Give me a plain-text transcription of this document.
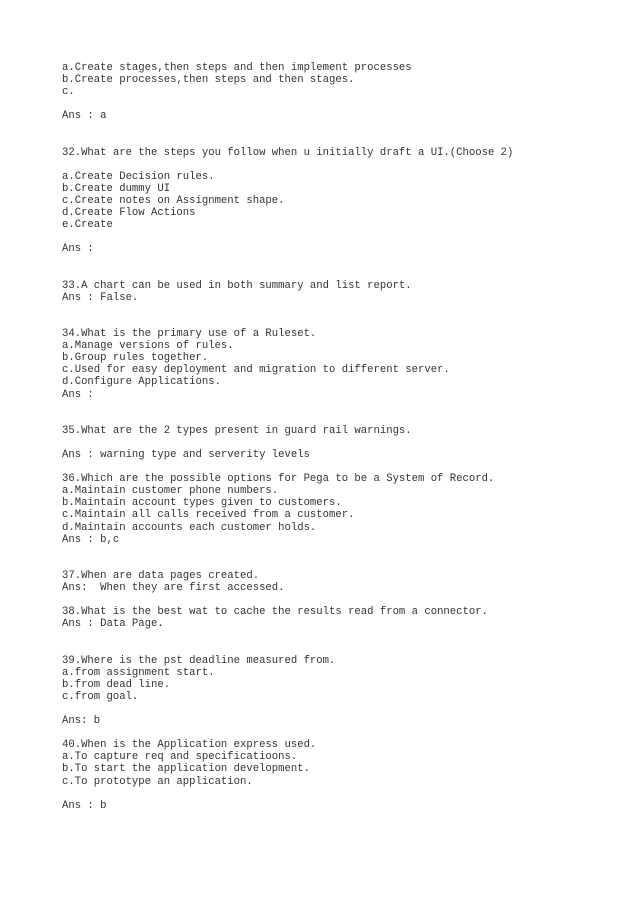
a.Create stages,then steps and then implement processes
b.Create processes,then steps and then stages.
c.
Ans : a
32.What are the steps you follow when u initially draft a UI.(Choose 2)
a.Create Decision rules.
b.Create dummy UI
c.Create notes on Assignment shape.
d.Create Flow Actions
e.Create
Ans :
33.A chart can be used in both summary and list report.
Ans : False.
34.What is the primary use of a Ruleset.
a.Manage versions of rules.
b.Group rules together.
c.Used for easy deployment and migration to different server.
d.Configure Applications.
Ans :
35.What are the 2 types present in guard rail warnings.
Ans : warning type and serverity levels
36.Which are the possible options for Pega to be a System of Record.
a.Maintain customer phone numbers.
b.Maintain account types given to customers.
c.Maintain all calls received from a customer.
d.Maintain accounts each customer holds.
Ans : b,c
37.When are data pages created.
Ans:  When they are first accessed.
38.What is the best wat to cache the results read from a connector.
Ans : Data Page.
39.Where is the pst deadline measured from.
a.from assignment start.
b.from dead line.
c.from goal.
Ans: b
40.When is the Application express used.
a.To capture req and specificatioons.
b.To start the application development.
c.To prototype an application.
Ans : b
